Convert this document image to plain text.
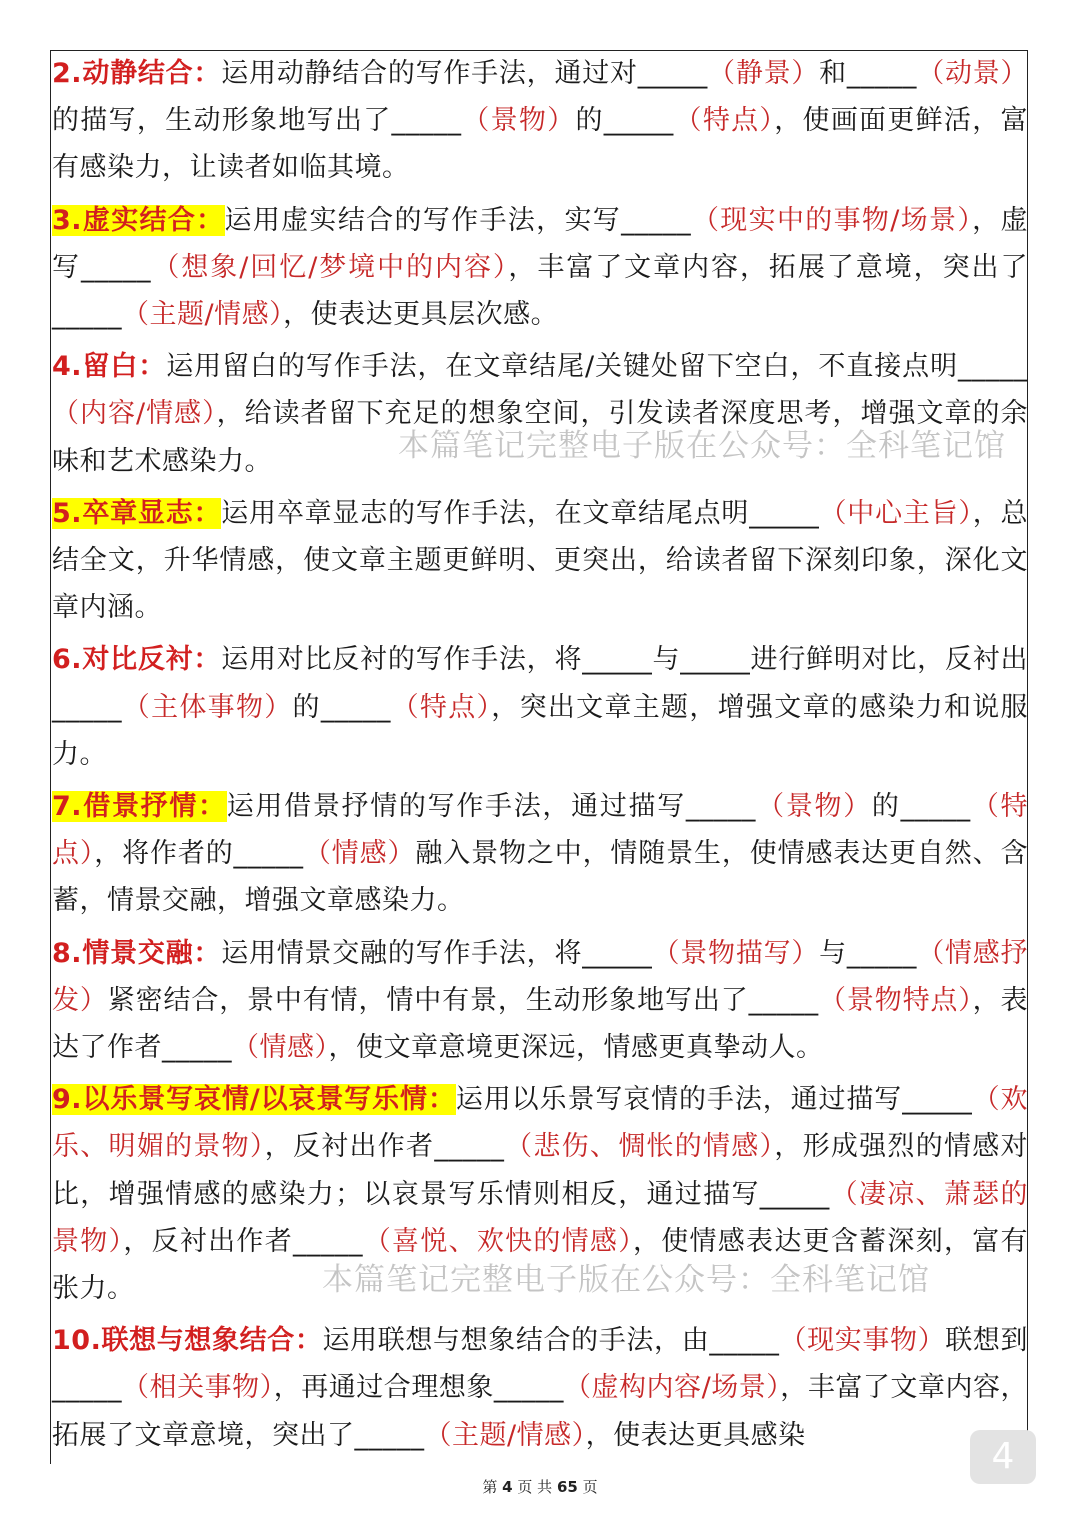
2.动静结合：运用动静结合的写作手法，通过对_____（静景）和_____（动景）的描写，生动形象地写出了_____（景物）的_____（特点），使画面更鲜活，富有感染力，让读者如临其境。

3.虚实结合：运用虚实结合的写作手法，实写_____（现实中的事物/场景），虚写_____（想象/回忆/梦境中的内容），丰富了文章内容，拓展了意境，突出了_____（主题/情感），使表达更具层次感。

4.留白：运用留白的写作手法，在文章结尾/关键处留下空白，不直接点明_____（内容/情感），给读者留下充足的想象空间，引发读者深度思考，增强文章的余味和艺术感染力。

5.卒章显志：运用卒章显志的写作手法，在文章结尾点明_____（中心主旨），总结全文，升华情感，使文章主题更鲜明、更突出，给读者留下深刻印象，深化文章内涵。

6.对比反衬：运用对比反衬的写作手法，将_____与_____进行鲜明对比，反衬出_____（主体事物）的_____（特点），突出文章主题，增强文章的感染力和说服力。

7.借景抒情：运用借景抒情的写作手法，通过描写_____（景物）的_____（特点），将作者的_____（情感）融入景物之中，情随景生，使情感表达更自然、含蓄，情景交融，增强文章感染力。

8.情景交融：运用情景交融的写作手法，将_____（景物描写）与_____（情感抒发）紧密结合，景中有情，情中有景，生动形象地写出了_____（景物特点），表达了作者_____（情感），使文章意境更深远，情感更真挚动人。

9.以乐景写哀情/以哀景写乐情：运用以乐景写哀情的手法，通过描写_____（欢乐、明媚的景物），反衬出作者_____（悲伤、惆怅的情感），形成强烈的情感对比，增强情感的感染力；以哀景写乐情则相反，通过描写_____（凄凉、萧瑟的景物），反衬出作者_____（喜悦、欢快的情感），使情感表达更含蓄深刻，富有张力。

10.联想与想象结合：运用联想与想象结合的手法，由_____（现实事物）联想到_____（相关事物），再通过合理想象_____（虚构内容/场景），丰富了文章内容，拓展了文章意境，突出了_____（主题/情感），使表达更具感染

本篇笔记完整电子版在公众号：全科笔记馆
本篇笔记完整电子版在公众号：全科笔记馆
第 4 页 共 65 页
4
